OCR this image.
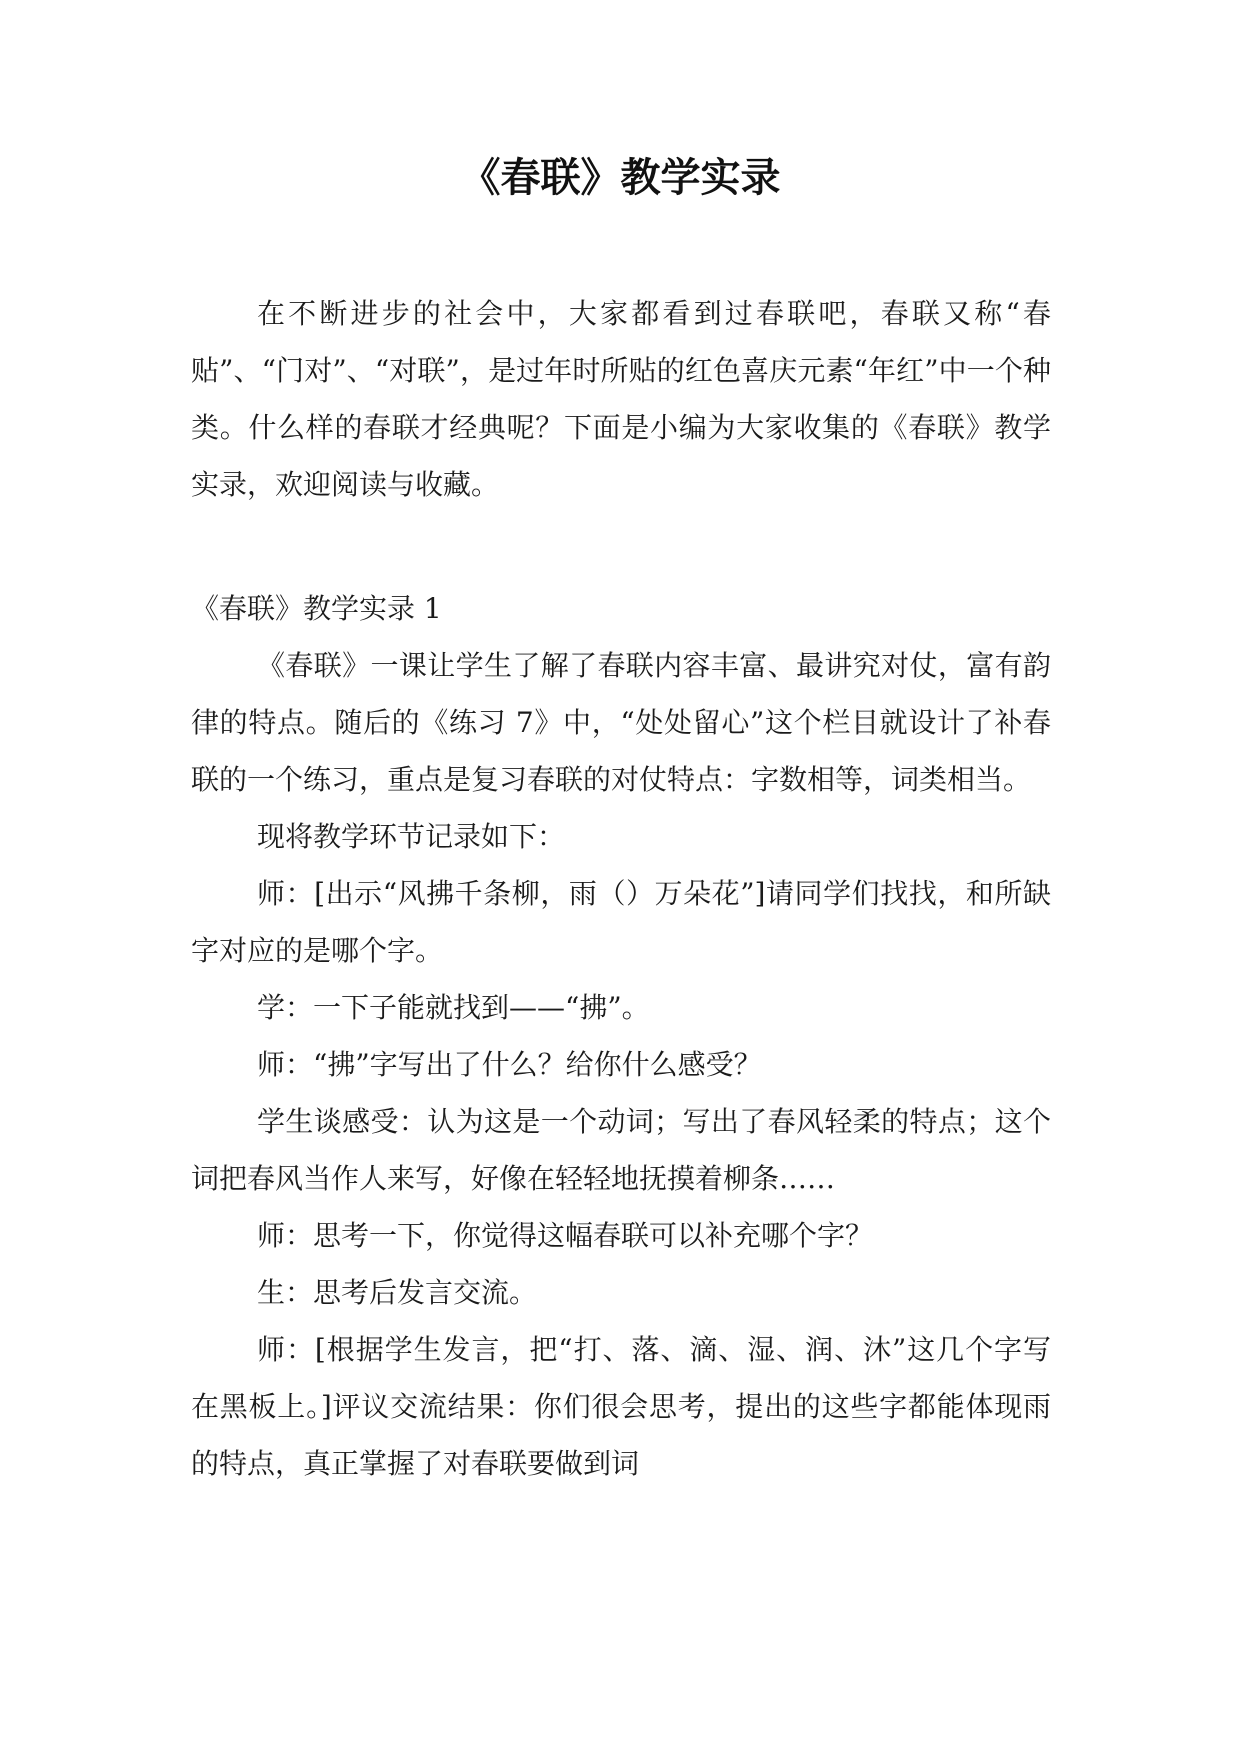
《春联》教学实录

在不断进步的社会中，大家都看到过春联吧，春联又称“春贴”、“门对”、“对联”，是过年时所贴的红色喜庆元素“年红”中一个种类。什么样的春联才经典呢？下面是小编为大家收集的《春联》教学实录，欢迎阅读与收藏。

《春联》教学实录 1

《春联》一课让学生了解了春联内容丰富、最讲究对仗，富有韵律的特点。随后的《练习 7》中，“处处留心”这个栏目就设计了补春联的一个练习，重点是复习春联的对仗特点：字数相等，词类相当。

现将教学环节记录如下：

师：[出示“风拂千条柳，雨（）万朵花”]请同学们找找，和所缺字对应的是哪个字。

学：一下子能就找到——“拂”。

师：“拂”字写出了什么？给你什么感受？

学生谈感受：认为这是一个动词；写出了春风轻柔的特点；这个词把春风当作人来写，好像在轻轻地抚摸着柳条……

师：思考一下，你觉得这幅春联可以补充哪个字？

生：思考后发言交流。

师：[根据学生发言，把“打、落、滴、湿、润、沐”这几个字写在黑板上。]评议交流结果：你们很会思考，提出的这些字都能体现雨的特点，真正掌握了对春联要做到词
